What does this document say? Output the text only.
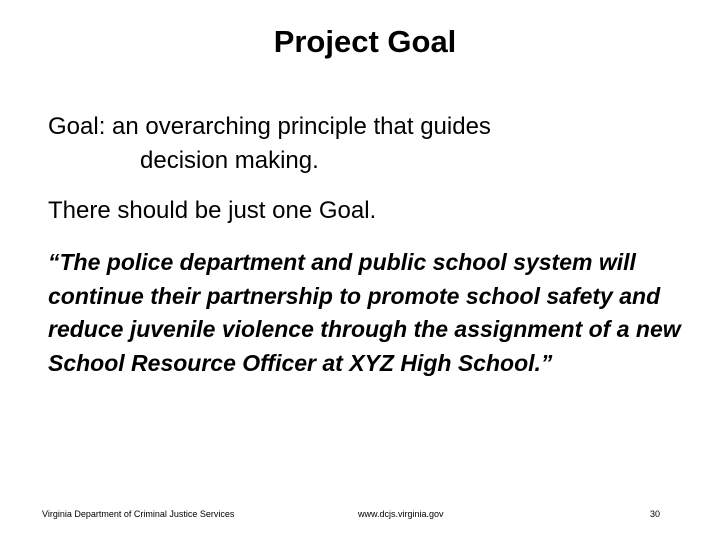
Project Goal

Goal: an overarching principle that guides
decision making.

There should be just one Goal.

“The police department and public school system will continue their partnership to promote school safety and reduce juvenile violence through the assignment of a new School Resource Officer at XYZ High School.”

Virginia Department of Criminal Justice Services	www.dcjs.virginia.gov	30
